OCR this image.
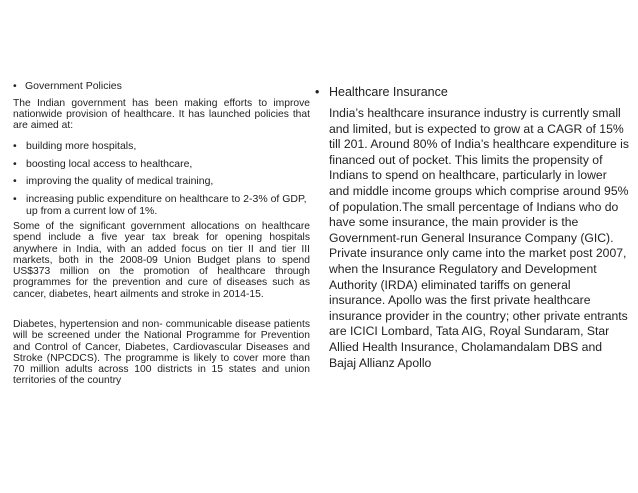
• Government Policies

The Indian government has been making efforts to improve nationwide provision of healthcare. It has launched policies that are aimed at:

• building more hospitals,
• boosting local access to healthcare,
• improving the quality of medical training,
• increasing public expenditure on healthcare to 2-3% of GDP, up from a current low of 1%.

Some of the significant government allocations on healthcare spend include a five year tax break for opening hospitals anywhere in India, with an added focus on tier II and tier III markets, both in the 2008-09 Union Budget plans to spend US$373 million on the promotion of healthcare through programmes for the prevention and cure of diseases such as cancer, diabetes, heart ailments and stroke in 2014-15.

Diabetes, hypertension and non- communicable disease patients will be screened under the National Programme for Prevention and Control of Cancer, Diabetes, Cardiovascular Diseases and Stroke (NPCDCS). The programme is likely to cover more than 70 million adults across 100 districts in 15 states and union territories of the country

• Healthcare Insurance

India’s healthcare insurance industry is currently small and limited, but is expected to grow at a CAGR of 15% till 201. Around 80% of India’s healthcare expenditure is financed out of pocket. This limits the propensity of Indians to spend on healthcare, particularly in lower and middle income groups which comprise around 95% of population.The small percentage of Indians who do have some insurance, the main provider is the Government-run General Insurance Company (GIC). Private insurance only came into the market post 2007, when the Insurance Regulatory and Development Authority (IRDA) eliminated tariffs on general insurance. Apollo was the first private healthcare insurance provider in the country; other private entrants are ICICI Lombard, Tata AIG, Royal Sundaram, Star Allied Health Insurance, Cholamandalam DBS and Bajaj Allianz Apollo
